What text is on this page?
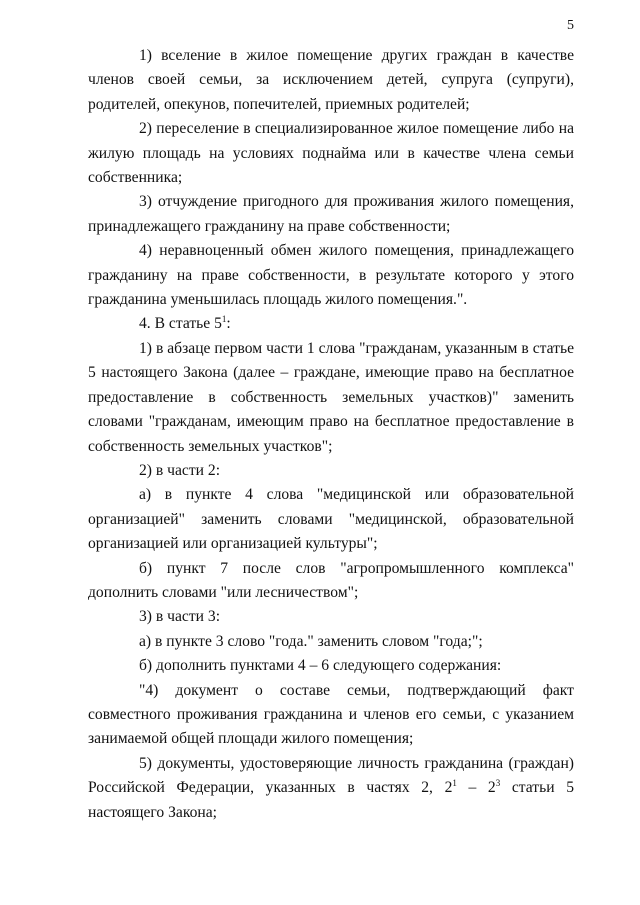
5

1) вселение в жилое помещение других граждан в качестве членов своей семьи, за исключением детей, супруга (супруги), родителей, опекунов, попечителей, приемных родителей;

2) переселение в специализированное жилое помещение либо на жилую площадь на условиях поднайма или в качестве члена семьи собственника;

3) отчуждение пригодного для проживания жилого помещения, принадлежащего гражданину на праве собственности;

4) неравноценный обмен жилого помещения, принадлежащего гражданину на праве собственности, в результате которого у этого гражданина уменьшилась площадь жилого помещения.".

4. В статье $5^1$:

1) в абзаце первом части 1 слова "гражданам, указанным в статье 5 настоящего Закона (далее – граждане, имеющие право на бесплатное предоставление в собственность земельных участков)" заменить словами "гражданам, имеющим право на бесплатное предоставление в собственность земельных участков";

2) в части 2:

а) в пункте 4 слова "медицинской или образовательной организацией" заменить словами "медицинской, образовательной организацией или организацией культуры";

б) пункт 7 после слов "агропромышленного комплекса" дополнить словами "или лесничеством";

3) в части 3:

а) в пункте 3 слово "года." заменить словом "года;";

б) дополнить пунктами 4 – 6 следующего содержания:

"4) документ о составе семьи, подтверждающий факт совместного проживания гражданина и членов его семьи, с указанием занимаемой общей площади жилого помещения;

5) документы, удостоверяющие личность гражданина (граждан) Российской Федерации, указанных в частях 2, $2^1 - 2^3$ статьи 5 настоящего Закона;
